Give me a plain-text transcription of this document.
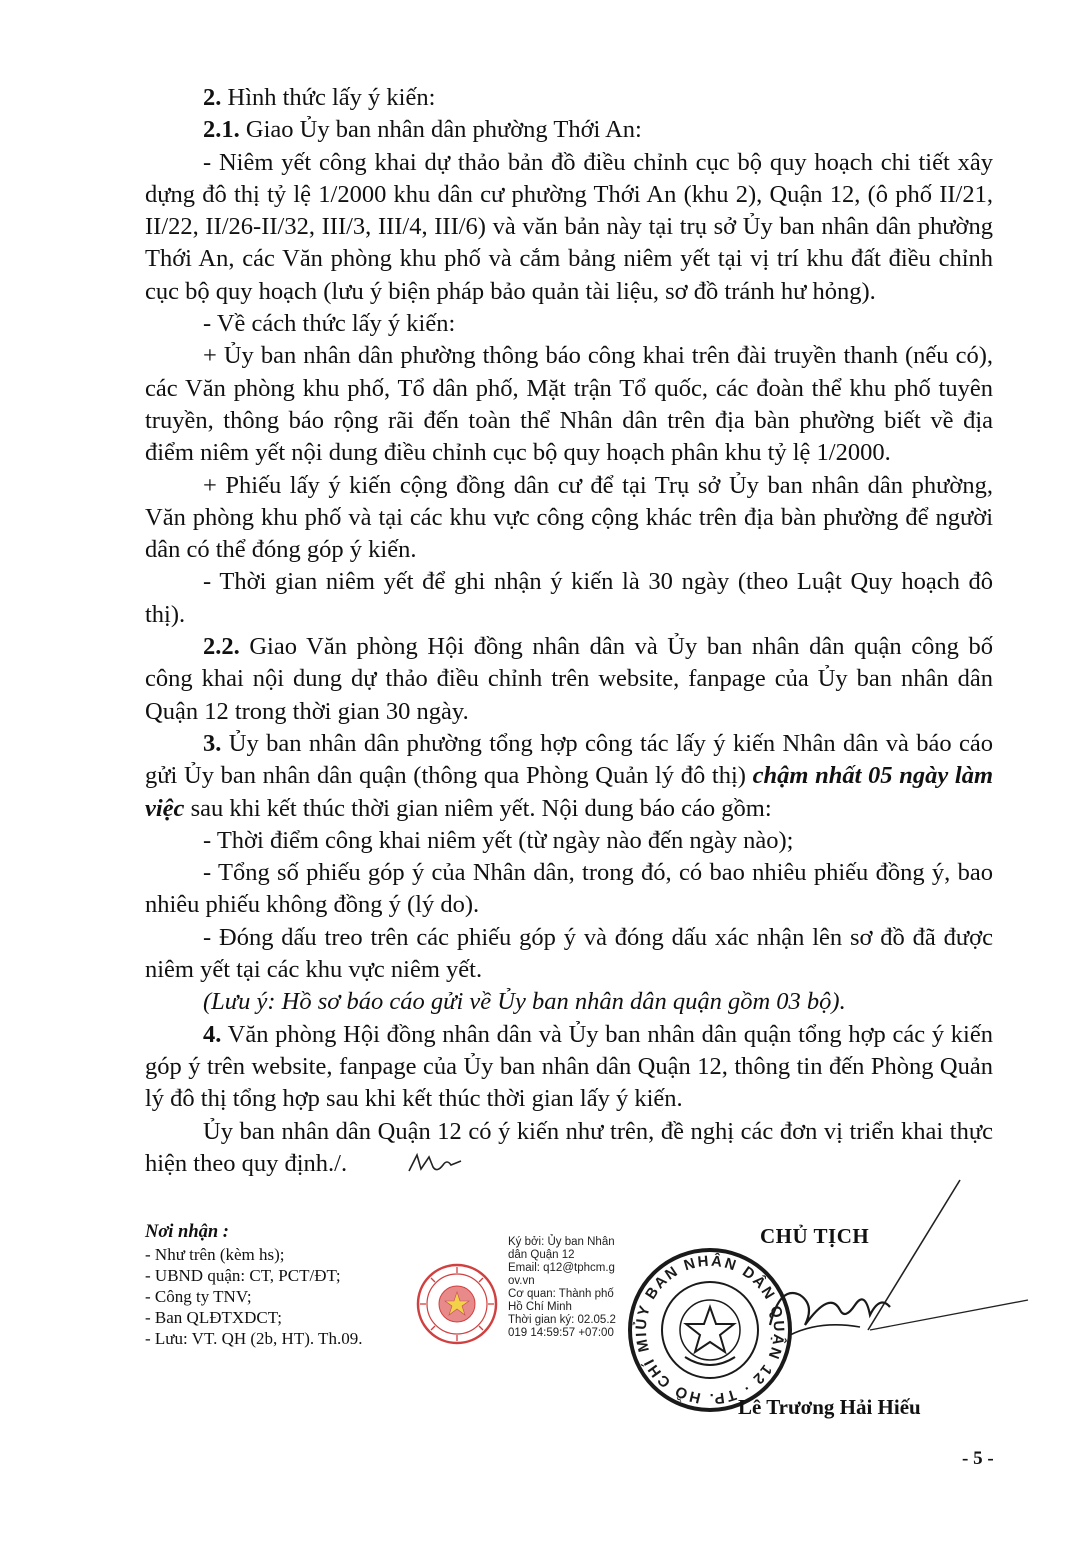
2. Hình thức lấy ý kiến:

2.1. Giao Ủy ban nhân dân phường Thới An:

- Niêm yết công khai dự thảo bản đồ điều chỉnh cục bộ quy hoạch chi tiết xây dựng đô thị tỷ lệ 1/2000 khu dân cư phường Thới An (khu 2), Quận 12, (ô phố II/21, II/22, II/26-II/32, III/3, III/4, III/6) và văn bản này tại trụ sở Ủy ban nhân dân phường Thới An, các Văn phòng khu phố và cắm bảng niêm yết tại vị trí khu đất điều chỉnh cục bộ quy hoạch (lưu ý biện pháp bảo quản tài liệu, sơ đồ tránh hư hỏng).

- Về cách thức lấy ý kiến:

+ Ủy ban nhân dân phường thông báo công khai trên đài truyền thanh (nếu có), các Văn phòng khu phố, Tổ dân phố, Mặt trận Tổ quốc, các đoàn thể khu phố tuyên truyền, thông báo rộng rãi đến toàn thể Nhân dân trên địa bàn phường biết về địa điểm niêm yết nội dung điều chỉnh cục bộ quy hoạch phân khu tỷ lệ 1/2000.

+ Phiếu lấy ý kiến cộng đồng dân cư để tại Trụ sở Ủy ban nhân dân phường, Văn phòng khu phố và tại các khu vực công cộng khác trên địa bàn phường để người dân có thể đóng góp ý kiến.

- Thời gian niêm yết để ghi nhận ý kiến là 30 ngày (theo Luật Quy hoạch đô thị).

2.2. Giao Văn phòng Hội đồng nhân dân và Ủy ban nhân dân quận công bố công khai nội dung dự thảo điều chỉnh trên website, fanpage của Ủy ban nhân dân Quận 12 trong thời gian 30 ngày.

3. Ủy ban nhân dân phường tổng hợp công tác lấy ý kiến Nhân dân và báo cáo gửi Ủy ban nhân dân quận (thông qua Phòng Quản lý đô thị) chậm nhất 05 ngày làm việc sau khi kết thúc thời gian niêm yết. Nội dung báo cáo gồm:

- Thời điểm công khai niêm yết (từ ngày nào đến ngày nào);

- Tổng số phiếu góp ý của Nhân dân, trong đó, có bao nhiêu phiếu đồng ý, bao nhiêu phiếu không đồng ý (lý do).

- Đóng dấu treo trên các phiếu góp ý và đóng dấu xác nhận lên sơ đồ đã được niêm yết tại các khu vực niêm yết.

(Lưu ý: Hồ sơ báo cáo gửi về Ủy ban nhân dân quận gồm 03 bộ).

4. Văn phòng Hội đồng nhân dân và Ủy ban nhân dân quận tổng hợp các ý kiến góp ý trên website, fanpage của Ủy ban nhân dân Quận 12, thông tin đến Phòng Quản lý đô thị tổng hợp sau khi kết thúc thời gian lấy ý kiến.

Ủy ban nhân dân Quận 12 có ý kiến như trên, đề nghị các đơn vị triển khai thực hiện theo quy định./.

Nơi nhận :
- Như trên (kèm hs);
- UBND quận: CT, PCT/ĐT;
- Công ty TNV;
- Ban QLĐTXDCT;
- Lưu: VT. QH (2b, HT). Th.09.
Ký bởi: Ủy ban Nhân dân Quận 12
Email: q12@tphcm.gov.vn
Cơ quan: Thành phố Hồ Chí Minh
Thời gian ký: 02.05.2019 14:59:57 +07:00
CHỦ TỊCH
ỦY BAN NHÂN DÂN QUẬN 12 · TP. HỒ CHÍ MI
Lê Trương Hải Hiếu
- 5 -
